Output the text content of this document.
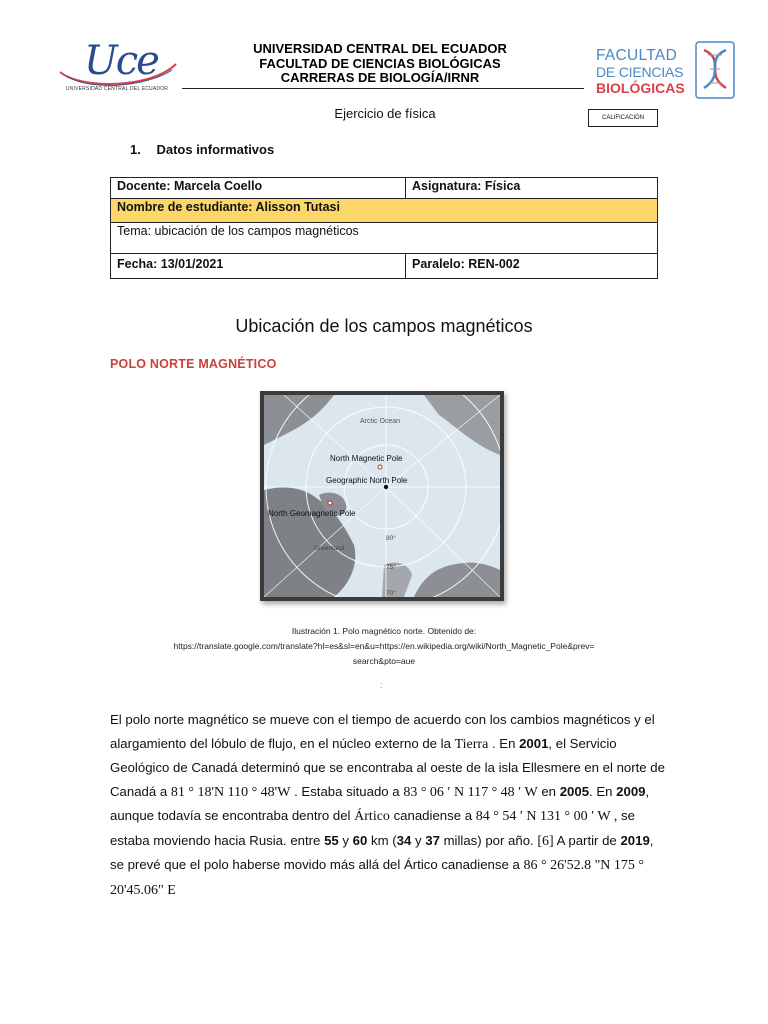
Uce
UNIVERSIDAD CENTRAL DEL ECUADOR
UNIVERSIDAD CENTRAL DEL ECUADOR
FACULTAD DE CIENCIAS BIOLÓGICAS
CARRERAS DE BIOLOGÍA/IRNR
FACULTAD
DE CIENCIAS
BIOLÓGICAS
Ejercicio de física	CALIFICACIÓN
1. Datos informativos
Docente: Marcela Coello	Asignatura: Física
Nombre de estudiante: Alisson Tutasi	
Tema: ubicación de los campos magnéticos	
Fecha: 13/01/2021	Paralelo: REN-002
Ubicación de los campos magnéticos
POLO NORTE MAGNÉTICO
Arctic Ocean
North Magnetic Pole
Geographic North Pole
North Geomagnetic Pole
Greenland
80°
75°
70°
Ilustración 1. Polo magnético norte. Obtenido de:
https://translate.google.com/translate?hl=es&sl=en&u=https://en.wikipedia.org/wiki/North_Magnetic_Pole&prev=
search&pto=aue
:
El polo norte magnético se mueve con el tiempo de acuerdo con los cambios magnéticos y el alargamiento del lóbulo de flujo, en el núcleo externo de la Tierra . En 2001, el Servicio Geológico de Canadá determinó que se encontraba al oeste de la isla Ellesmere en el norte de Canadá a 81 ° 18'N 110 ° 48'W . Estaba situado a 83 ° 06 ′ N 117 ° 48 ′ W en 2005. En 2009, aunque todavía se encontraba dentro del Ártico canadiense a 84 ° 54 ′ N 131 ° 00 ′ W , se estaba moviendo hacia Rusia. entre 55 y 60 km (34 y 37 millas) por año. [6] A partir de 2019, se prevé que el polo haberse movido más allá del Ártico canadiense a 86 ° 26'52.8 "N 175 ° 20'45.06" E
